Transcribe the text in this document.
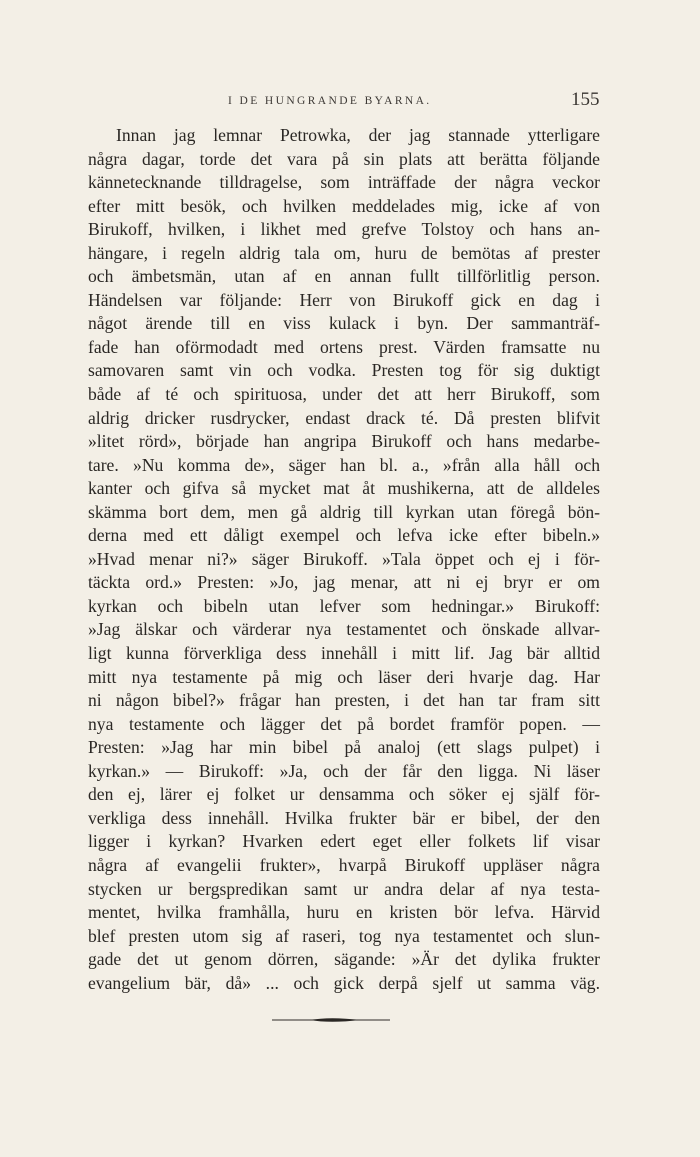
I DE HUNGRANDE BYARNA.	155
Innan jag lemnar Petrowka, der jag stannade ytterligare
några dagar, torde det vara på sin plats att berätta följande
kännetecknande tilldragelse, som inträffade der några veckor
efter mitt besök, och hvilken meddelades mig, icke af von
Birukoff, hvilken, i likhet med grefve Tolstoy och hans an-
hängare, i regeln aldrig tala om, huru de bemötas af prester
och ämbetsmän, utan af en annan fullt tillförlitlig person.
Händelsen var följande: Herr von Birukoff gick en dag i
något ärende till en viss kulack i byn. Der sammanträf-
fade han oförmodadt med ortens prest. Värden framsatte nu
samovaren samt vin och vodka. Presten tog för sig duktigt
både af té och spirituosa, under det att herr Birukoff, som
aldrig dricker rusdrycker, endast drack té. Då presten blifvit
»litet rörd», började han angripa Birukoff och hans medarbe-
tare. »Nu komma de», säger han bl. a., »från alla håll och
kanter och gifva så mycket mat åt mushikerna, att de alldeles
skämma bort dem, men gå aldrig till kyrkan utan föregå bön-
derna med ett dåligt exempel och lefva icke efter bibeln.»
»Hvad menar ni?» säger Birukoff. »Tala öppet och ej i för-
täckta ord.» Presten: »Jo, jag menar, att ni ej bryr er om
kyrkan och bibeln utan lefver som hedningar.» Birukoff:
»Jag älskar och värderar nya testamentet och önskade allvar-
ligt kunna förverkliga dess innehåll i mitt lif. Jag bär alltid
mitt nya testamente på mig och läser deri hvarje dag. Har
ni någon bibel?» frågar han presten, i det han tar fram sitt
nya testamente och lägger det på bordet framför popen. —
Presten: »Jag har min bibel på analoj (ett slags pulpet) i
kyrkan.» — Birukoff: »Ja, och der får den ligga. Ni läser
den ej, lärer ej folket ur densamma och söker ej själf för-
verkliga dess innehåll. Hvilka frukter bär er bibel, der den
ligger i kyrkan? Hvarken edert eget eller folkets lif visar
några af evangelii frukter», hvarpå Birukoff uppläser några
stycken ur bergspredikan samt ur andra delar af nya testa-
mentet, hvilka framhålla, huru en kristen bör lefva. Härvid
blef presten utom sig af raseri, tog nya testamentet och slun-
gade det ut genom dörren, sägande: »Är det dylika frukter
evangelium bär, då» ... och gick derpå sjelf ut samma väg.
